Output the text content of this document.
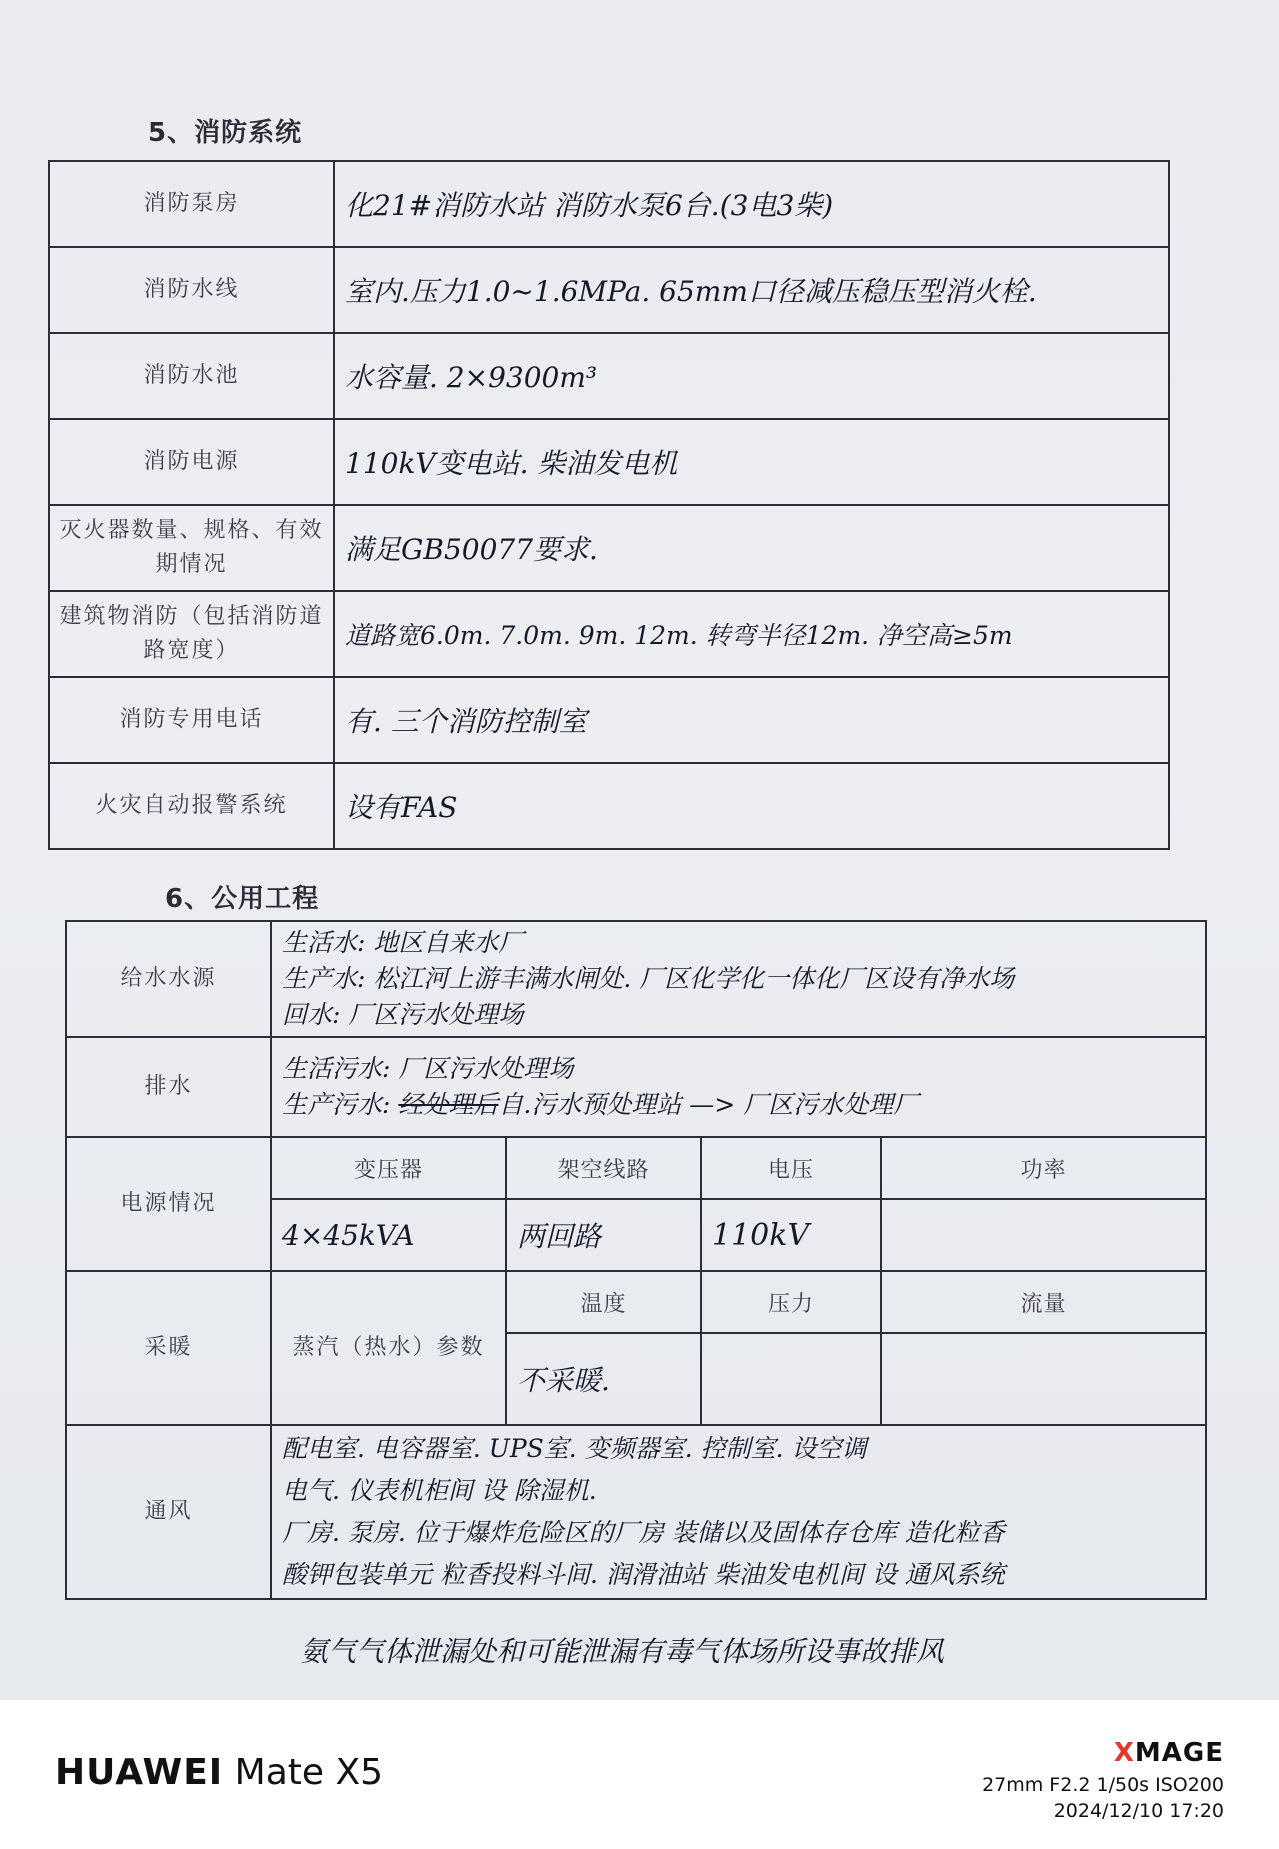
5、消防系统
消防泵房	化21#消防水站 消防水泵6台.(3电3柴)
消防水线	室内.压力1.0~1.6MPa. 65mm口径减压稳压型消火栓.
消防水池	水容量. 2×9300m³
消防电源	110kV变电站. 柴油发电机
灭火器数量、规格、有效期情况	满足GB50077要求.
建筑物消防（包括消防道路宽度）	道路宽6.0m. 7.0m. 9m. 12m. 转弯半径12m. 净空高≥5m
消防专用电话	有. 三个消防控制室
火灾自动报警系统	设有FAS
6、公用工程
给水水源	生活水: 地区自来水厂
生产水: 松江河上游丰满水闸处. 厂区化学化一体化厂区设有净水场
回水: 厂区污水处理场			

排水	生活污水: 厂区污水处理场
生产污水: 经处理后自.污水预处理站 —> 厂区污水处理厂			

电源情况	变压器	架空线路	电压	功率
	4×45kVA	两回路	110kV	
采暖	蒸汽（热水）参数	温度	压力	流量
		不采暖.		
通风	配电室. 电容器室. UPS室. 变频器室. 控制室. 设空调
电气. 仪表机柜间 设 除湿机.
厂房. 泵房. 位于爆炸危险区的厂房 装储以及固体存仓库 造化粒香
酸钾包装单元 粒香投料斗间. 润滑油站 柴油发电机间 设 通风系统			
氨气气体泄漏处和可能泄漏有毒气体场所设事故排风
HUAWEI Mate X5	XMAGE
27mm F2.2 1/50s ISO200
2024/12/10 17:20
